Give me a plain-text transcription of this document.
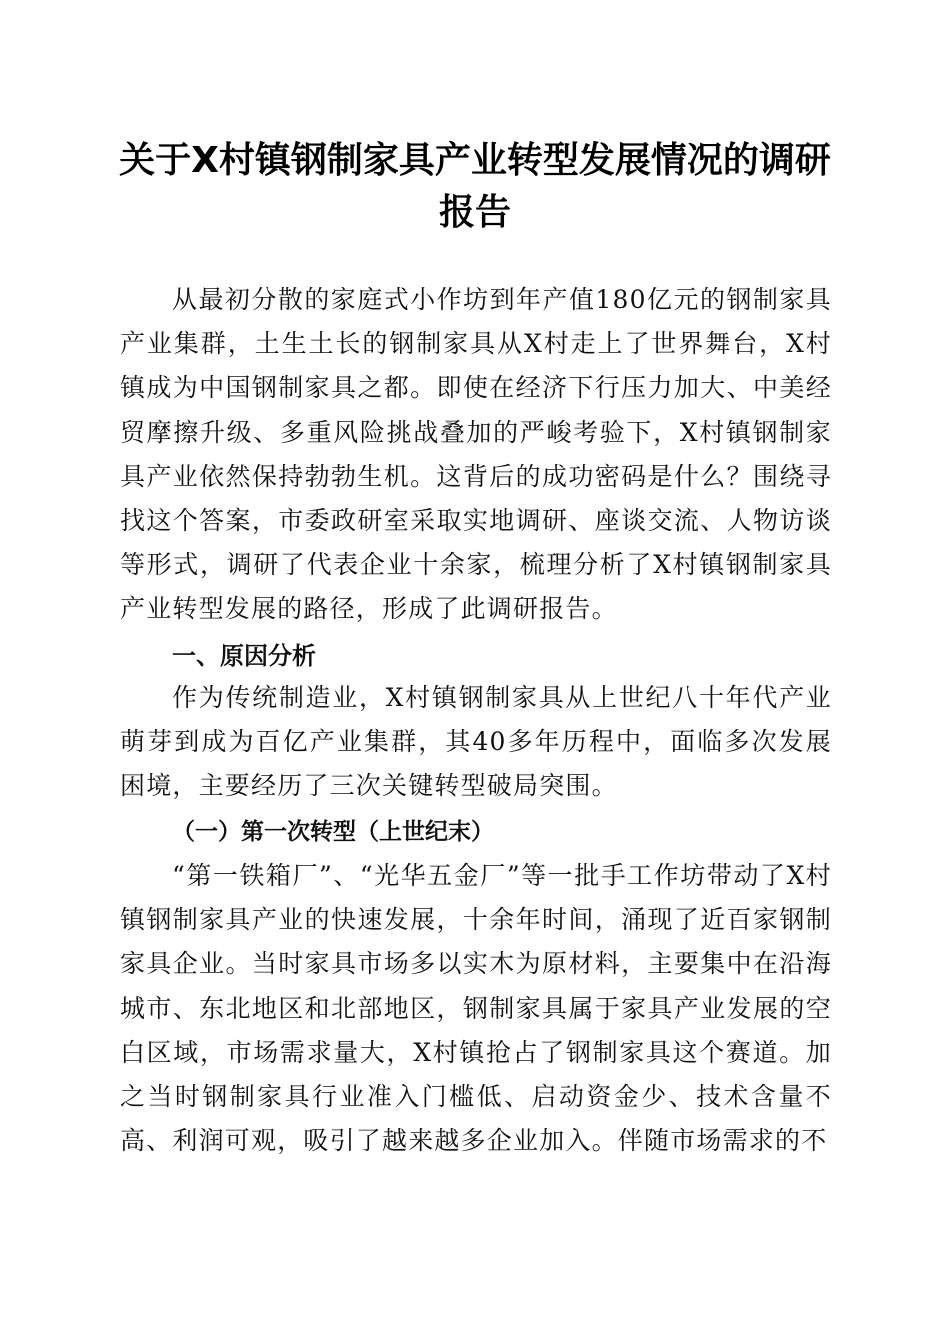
关于X村镇钢制家具产业转型发展情况的调研报告

从最初分散的家庭式小作坊到年产值180亿元的钢制家具产业集群，土生土长的钢制家具从X村走上了世界舞台，X村镇成为中国钢制家具之都。即使在经济下行压力加大、中美经贸摩擦升级、多重风险挑战叠加的严峻考验下，X村镇钢制家具产业依然保持勃勃生机。这背后的成功密码是什么？围绕寻找这个答案，市委政研室采取实地调研、座谈交流、人物访谈等形式，调研了代表企业十余家，梳理分析了X村镇钢制家具产业转型发展的路径，形成了此调研报告。

一、原因分析

作为传统制造业，X村镇钢制家具从上世纪八十年代产业萌芽到成为百亿产业集群，其40多年历程中，面临多次发展困境，主要经历了三次关键转型破局突围。

（一）第一次转型（上世纪末）

“第一铁箱厂”、“光华五金厂”等一批手工作坊带动了X村镇钢制家具产业的快速发展，十余年时间，涌现了近百家钢制家具企业。当时家具市场多以实木为原材料，主要集中在沿海城市、东北地区和北部地区，钢制家具属于家具产业发展的空白区域，市场需求量大，X村镇抢占了钢制家具这个赛道。加之当时钢制家具行业准入门槛低、启动资金少、技术含量不高、利润可观，吸引了越来越多企业加入。伴随市场需求的不
